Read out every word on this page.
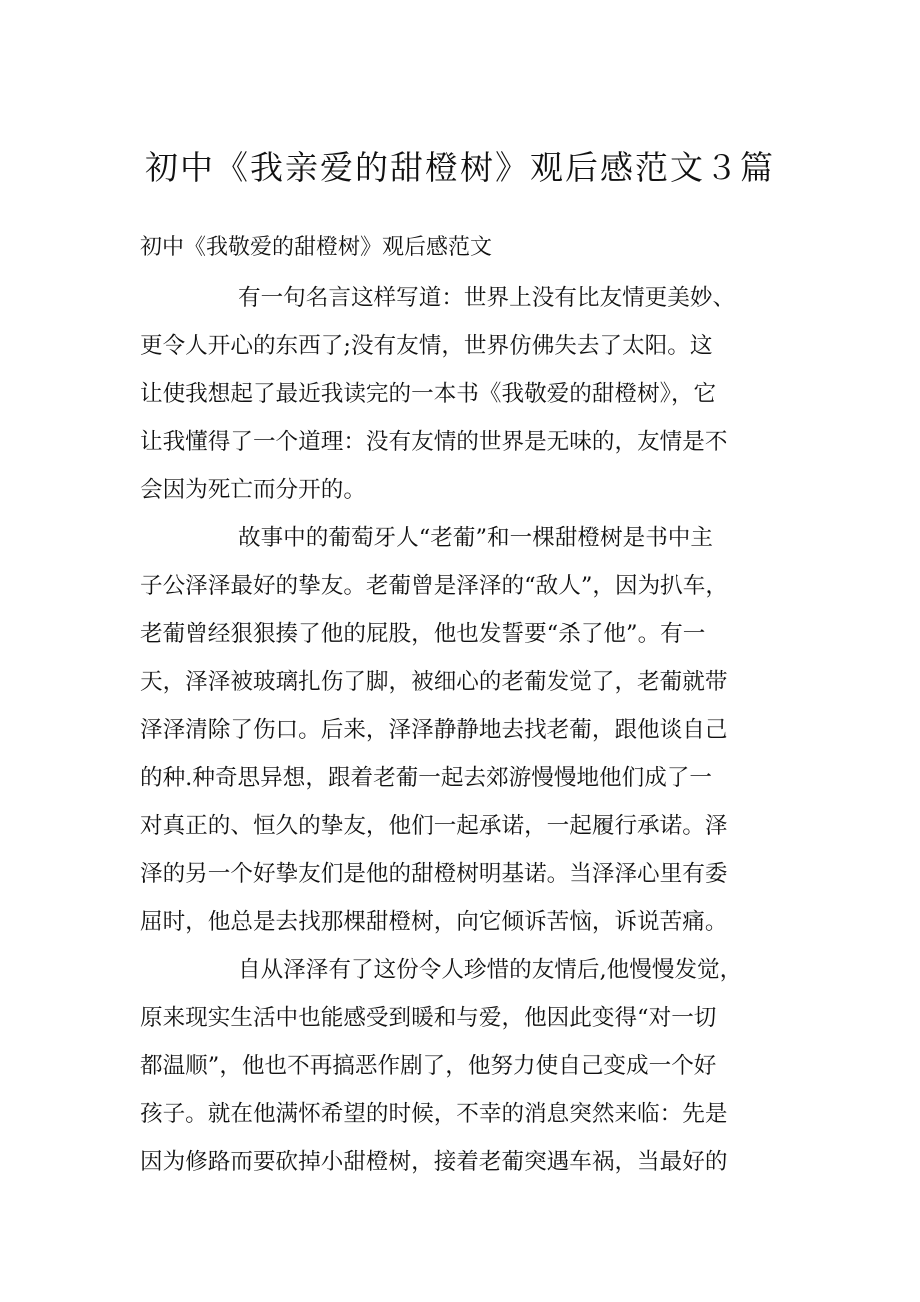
初中《我亲爱的甜橙树》观后感范文３篇

初中《我敬爱的甜橙树》观后感范文

有一句名言这样写道：世界上没有比友情更美妙、
更令人开心的东西了;没有友情，世界仿佛失去了太阳。这
让使我想起了最近我读完的一本书《我敬爱的甜橙树》，它
让我懂得了一个道理：没有友情的世界是无味的，友情是不
会因为死亡而分开的。
故事中的葡萄牙人“老葡”和一棵甜橙树是书中主
子公泽泽最好的挚友。老葡曾是泽泽的“敌人”，因为扒车，
老葡曾经狠狠揍了他的屁股，他也发誓要“杀了他”。有一
天，泽泽被玻璃扎伤了脚，被细心的老葡发觉了，老葡就带
泽泽清除了伤口。后来，泽泽静静地去找老葡，跟他谈自己
的种.种奇思异想，跟着老葡一起去郊游慢慢地他们成了一
对真正的、恒久的挚友，他们一起承诺，一起履行承诺。泽
泽的另一个好挚友们是他的甜橙树明基诺。当泽泽心里有委
屈时，他总是去找那棵甜橙树，向它倾诉苦恼，诉说苦痛。
自从泽泽有了这份令人珍惜的友情后,他慢慢发觉，
原来现实生活中也能感受到暖和与爱，他因此变得“对一切
都温顺”，他也不再搞恶作剧了，他努力使自己变成一个好
孩子。就在他满怀希望的时候，不幸的消息突然来临：先是
因为修路而要砍掉小甜橙树，接着老葡突遇车祸，当最好的
